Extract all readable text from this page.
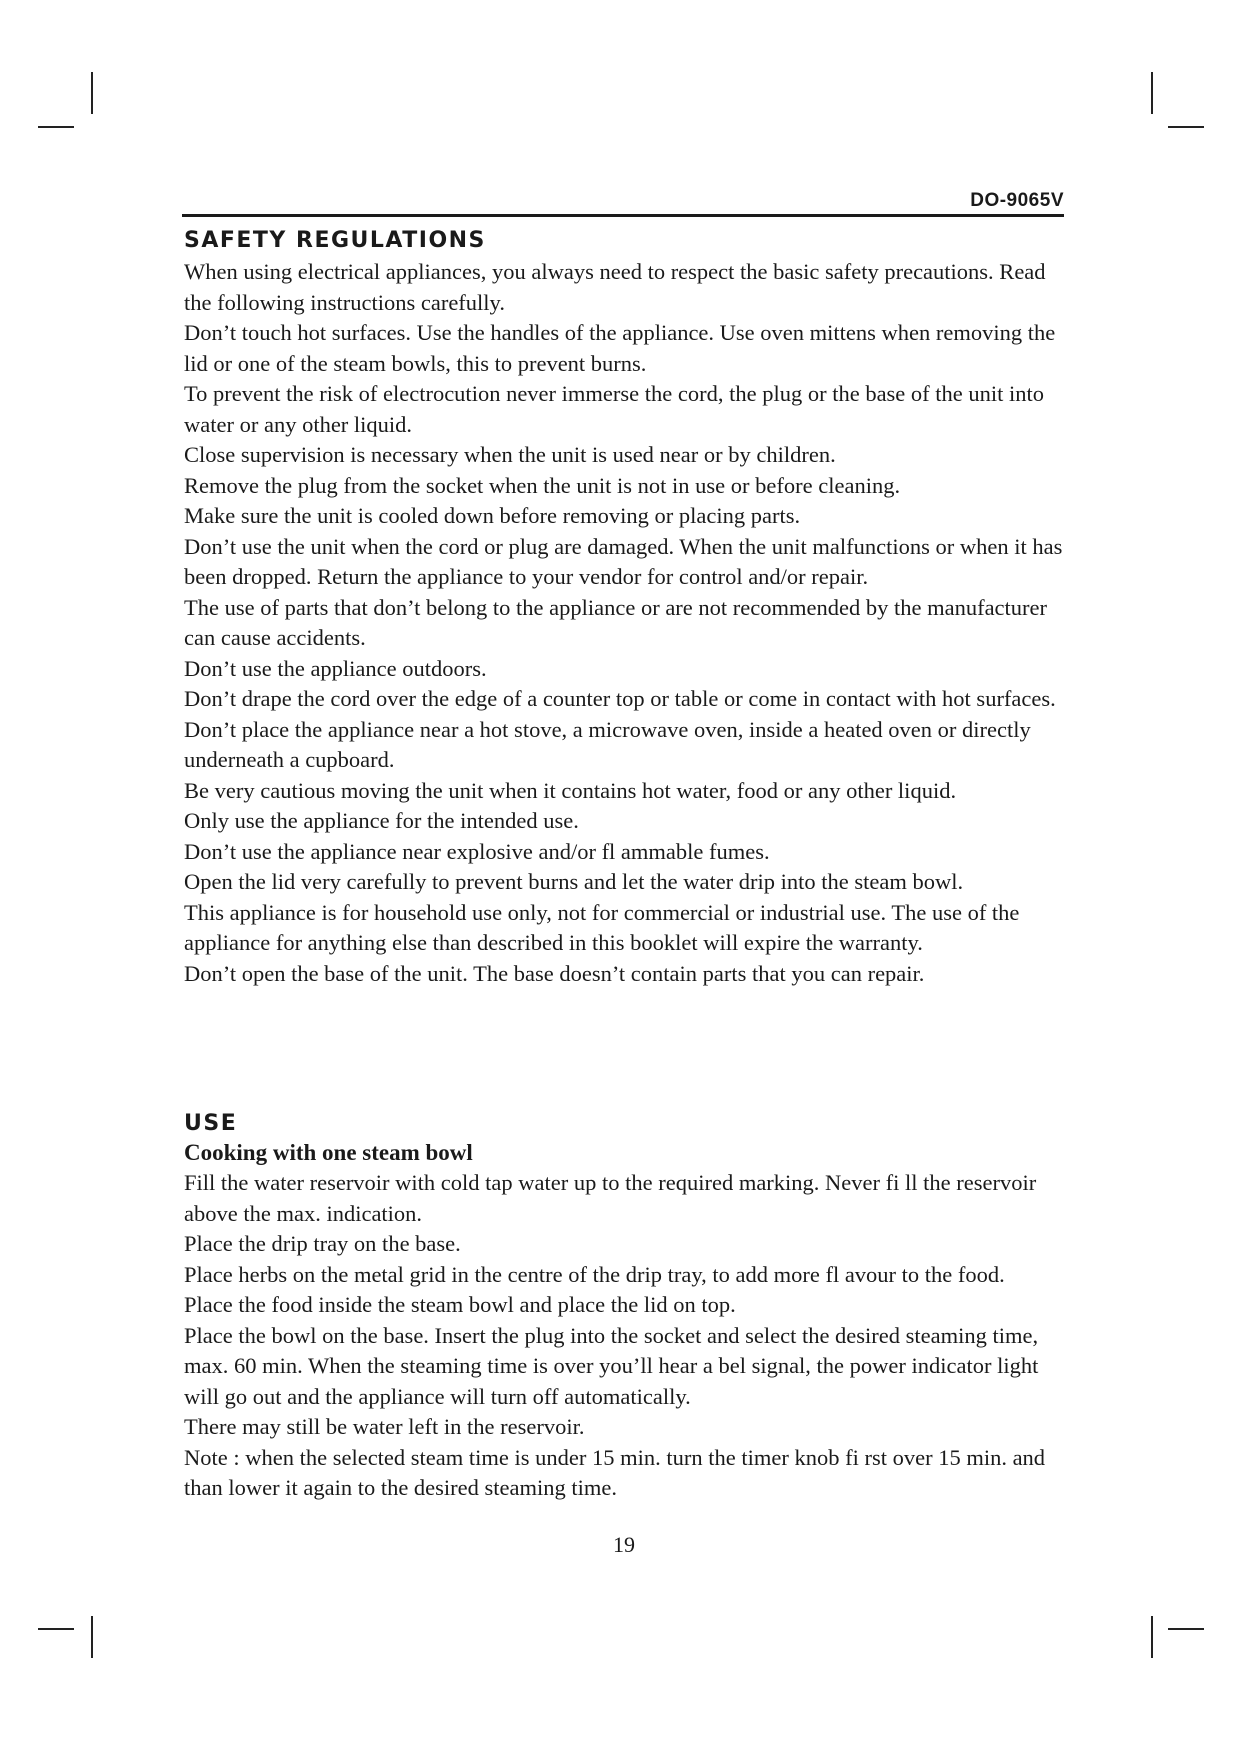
DO-9065V
SAFETY REGULATIONS

When using electrical appliances, you always need to respect the basic safety precautions. Read the following instructions carefully.

Don’t touch hot surfaces. Use the handles of the appliance. Use oven mittens when removing the lid or one of the steam bowls, this to prevent burns.

To prevent the risk of electrocution never immerse the cord, the plug or the base of the unit into water or any other liquid.

Close supervision is necessary when the unit is used near or by children.

Remove the plug from the socket when the unit is not in use or before cleaning.

Make sure the unit is cooled down before removing or placing parts.

Don’t use the unit when the cord or plug are damaged. When the unit malfunctions or when it has been dropped. Return the appliance to your vendor for control and/or repair.

The use of parts that don’t belong to the appliance or are not recommended by the manufacturer can cause accidents.

Don’t use the appliance outdoors.

Don’t drape the cord over the edge of a counter top or table or come in contact with hot surfaces.

Don’t place the appliance near a hot stove, a microwave oven, inside a heated oven or directly underneath a cupboard.

Be very cautious moving the unit when it contains hot water, food or any other liquid.

Only use the appliance for the intended use.

Don’t use the appliance near explosive and/or fl ammable fumes.

Open the lid very carefully to prevent burns and let the water drip into the steam bowl.

This appliance is for household use only, not for commercial or industrial use. The use of the appliance for anything else than described in this booklet will expire the warranty.

Don’t open the base of the unit. The base doesn’t contain parts that you can repair.

USE
Cooking with one steam bowl

Fill the water reservoir with cold tap water up to the required marking. Never fi ll the reservoir above the max. indication.

Place the drip tray on the base.

Place herbs on the metal grid in the centre of the drip tray, to add more fl avour to the food.

Place the food inside the steam bowl and place the lid on top.

Place the bowl on the base. Insert the plug into the socket and select the desired steaming time, max. 60 min. When the steaming time is over you’ll hear a bel signal, the power indicator light will go out and the appliance will turn off automatically.

There may still be water left in the reservoir.

Note : when the selected steam time is under 15 min. turn the timer knob fi rst over 15 min. and than lower it again to the desired steaming time.

19
